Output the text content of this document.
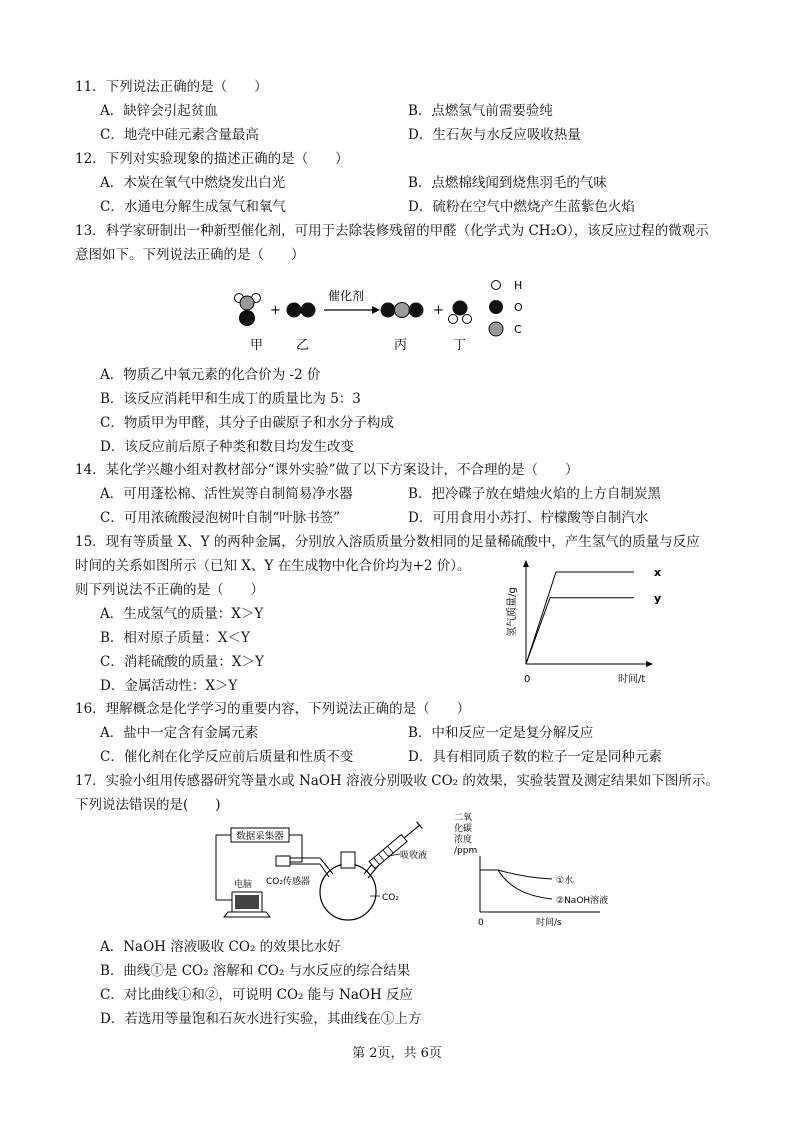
11．下列说法正确的是（　　）
A．缺锌会引起贫血	B．点燃氢气前需要验纯
C．地壳中硅元素含量最高	D．生石灰与水反应吸收热量
12．下列对实验现象的描述正确的是（　　）
A．木炭在氧气中燃烧发出白光	B．点燃棉线闻到烧焦羽毛的气味
C．水通电分解生成氢气和氧气	D．硫粉在空气中燃烧产生蓝紫色火焰
13．科学家研制出一种新型催化剂，可用于去除装修残留的甲醛（化学式为 CH₂O），该反应过程的微观示
意图如下。下列说法正确的是（　　）
+
催化剂
+
甲	乙	丙	丁
H
O
C
A．物质乙中氧元素的化合价为 -2 价
B．该反应消耗甲和生成丁的质量比为 5：3
C．物质甲为甲醛，其分子由碳原子和水分子构成
D．该反应前后原子种类和数目均发生改变
14．某化学兴趣小组对教材部分“课外实验”做了以下方案设计，不合理的是（　　）
A．可用蓬松棉、活性炭等自制简易净水器	B．把冷碟子放在蜡烛火焰的上方自制炭黑
C．可用浓硫酸浸泡树叶自制“叶脉书签”	D．可用食用小苏打、柠檬酸等自制汽水
15．现有等质量 X、Y 的两种金属，分别放入溶质质量分数相同的足量稀硫酸中，产生氢气的质量与反应
时间的关系如图所示（已知 X、Y 在生成物中化合价均为+2 价）。
则下列说法不正确的是（　　）
A．生成氢气的质量：X＞Y
B．相对原子质量：X＜Y
C．消耗硫酸的质量：X＞Y
D．金属活动性：X＞Y
氢气质量/g
0	时间/t
x
y
16．理解概念是化学学习的重要内容，下列说法正确的是（　　）
A．盐中一定含有金属元素	B．中和反应一定是复分解反应
C．催化剂在化学反应前后质量和性质不变	D．具有相同质子数的粒子一定是同种元素
17．实验小组用传感器研究等量水或 NaOH 溶液分别吸收 CO₂ 的效果，实验装置及测定结果如下图所示。
下列说法错误的是(　　)
数据采集器
CO₂传感器
电脑
吸收液
CO₂
二氧
化碳
浓度
/ppm
①水
②NaOH溶液
0	时间/s
A．NaOH 溶液吸收 CO₂ 的效果比水好
B．曲线①是 CO₂ 溶解和 CO₂ 与水反应的综合结果
C．对比曲线①和②，可说明 CO₂ 能与 NaOH 反应
D．若选用等量饱和石灰水进行实验，其曲线在①上方
第 2页，共 6页
